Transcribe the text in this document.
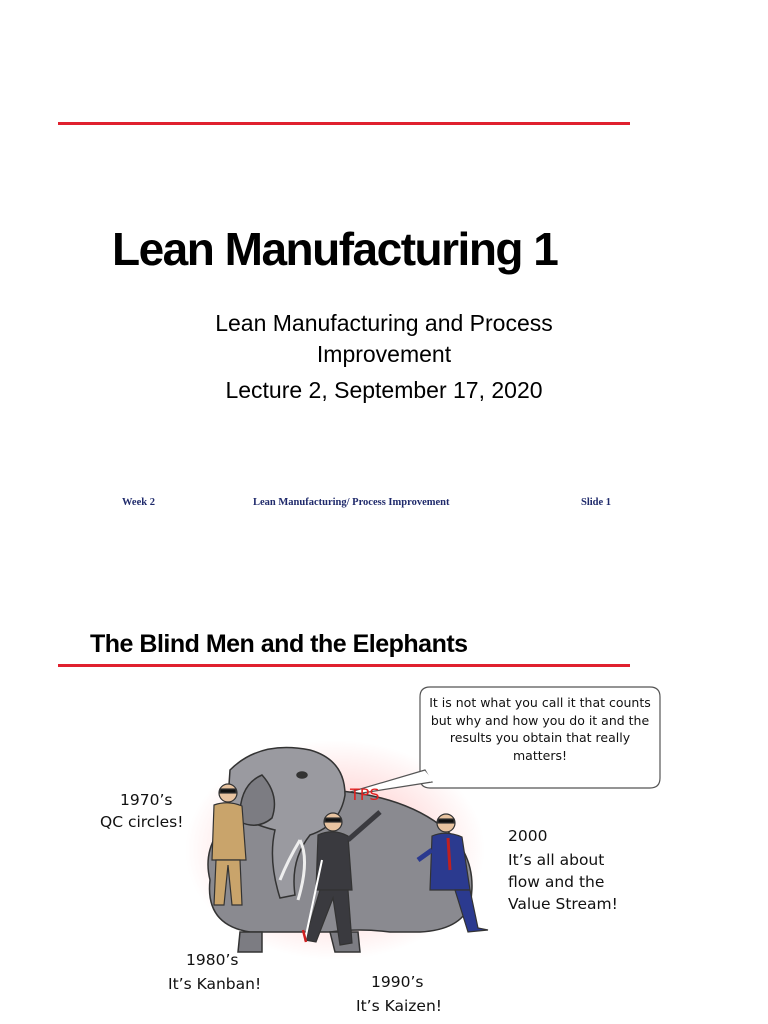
Lean Manufacturing 1
Lean Manufacturing and Process
Improvement
Lecture 2, September 17, 2020
Week 2	Lean Manufacturing/ Process Improvement	Slide 1
The Blind Men and the Elephants
It is not what you call it that counts but why and how you do it and the results you obtain that really matters!
TPS
1970’s
QC circles!
1980’s
It’s Kanban!	1990’s
It’s Kaizen!
2000
It’s all about
flow and the
Value Stream!
